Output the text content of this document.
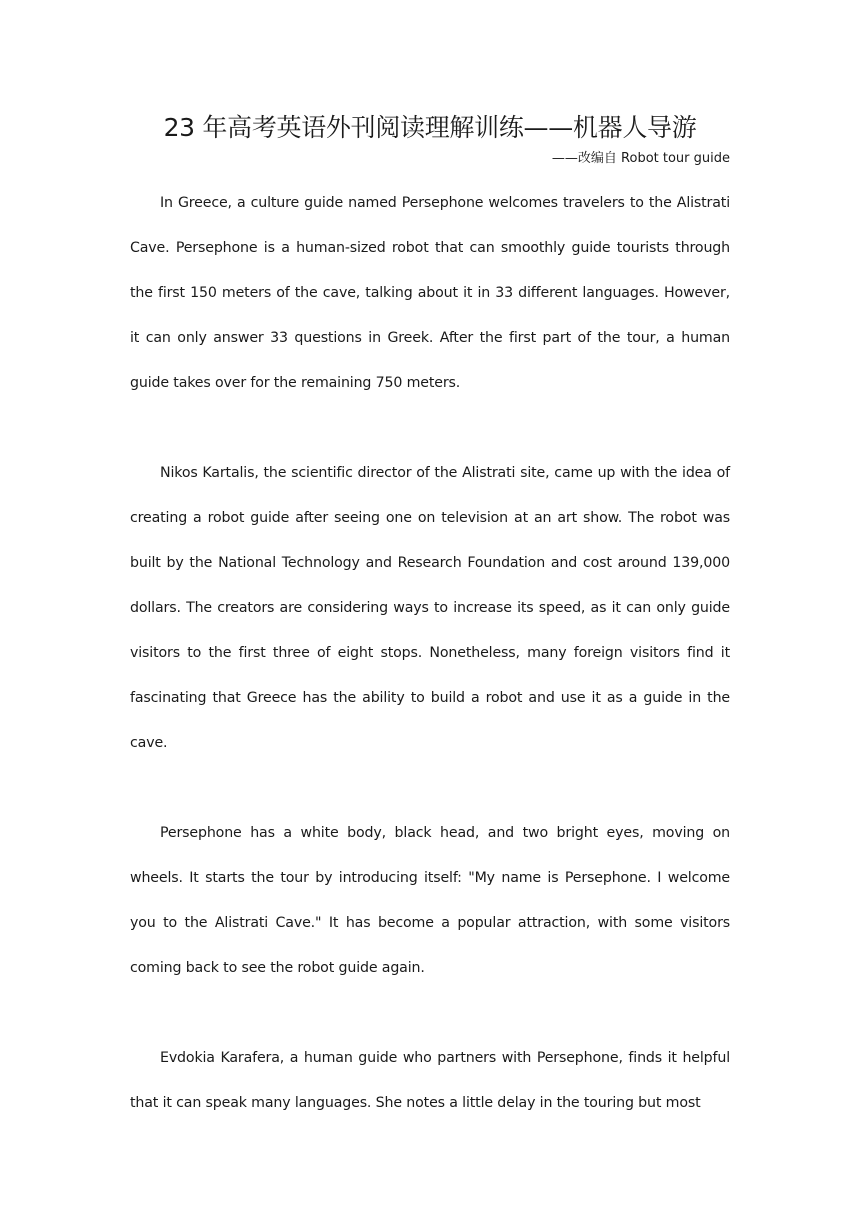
23 年高考英语外刊阅读理解训练——机器人导游

——改编自 Robot tour guide

In Greece, a culture guide named Persephone welcomes travelers to the Alistrati Cave. Persephone is a human-sized robot that can smoothly guide tourists through the first 150 meters of the cave, talking about it in 33 different languages. However, it can only answer 33 questions in Greek. After the first part of the tour, a human guide takes over for the remaining 750 meters.

Nikos Kartalis, the scientific director of the Alistrati site, came up with the idea of creating a robot guide after seeing one on television at an art show. The robot was built by the National Technology and Research Foundation and cost around 139,000 dollars. The creators are considering ways to increase its speed, as it can only guide visitors to the first three of eight stops. Nonetheless, many foreign visitors find it fascinating that Greece has the ability to build a robot and use it as a guide in the cave.

Persephone has a white body, black head, and two bright eyes, moving on wheels. It starts the tour by introducing itself: "My name is Persephone. I welcome you to the Alistrati Cave." It has become a popular attraction, with some visitors coming back to see the robot guide again.

Evdokia Karafera, a human guide who partners with Persephone, finds it helpful that it can speak many languages. She notes a little delay in the touring but most
